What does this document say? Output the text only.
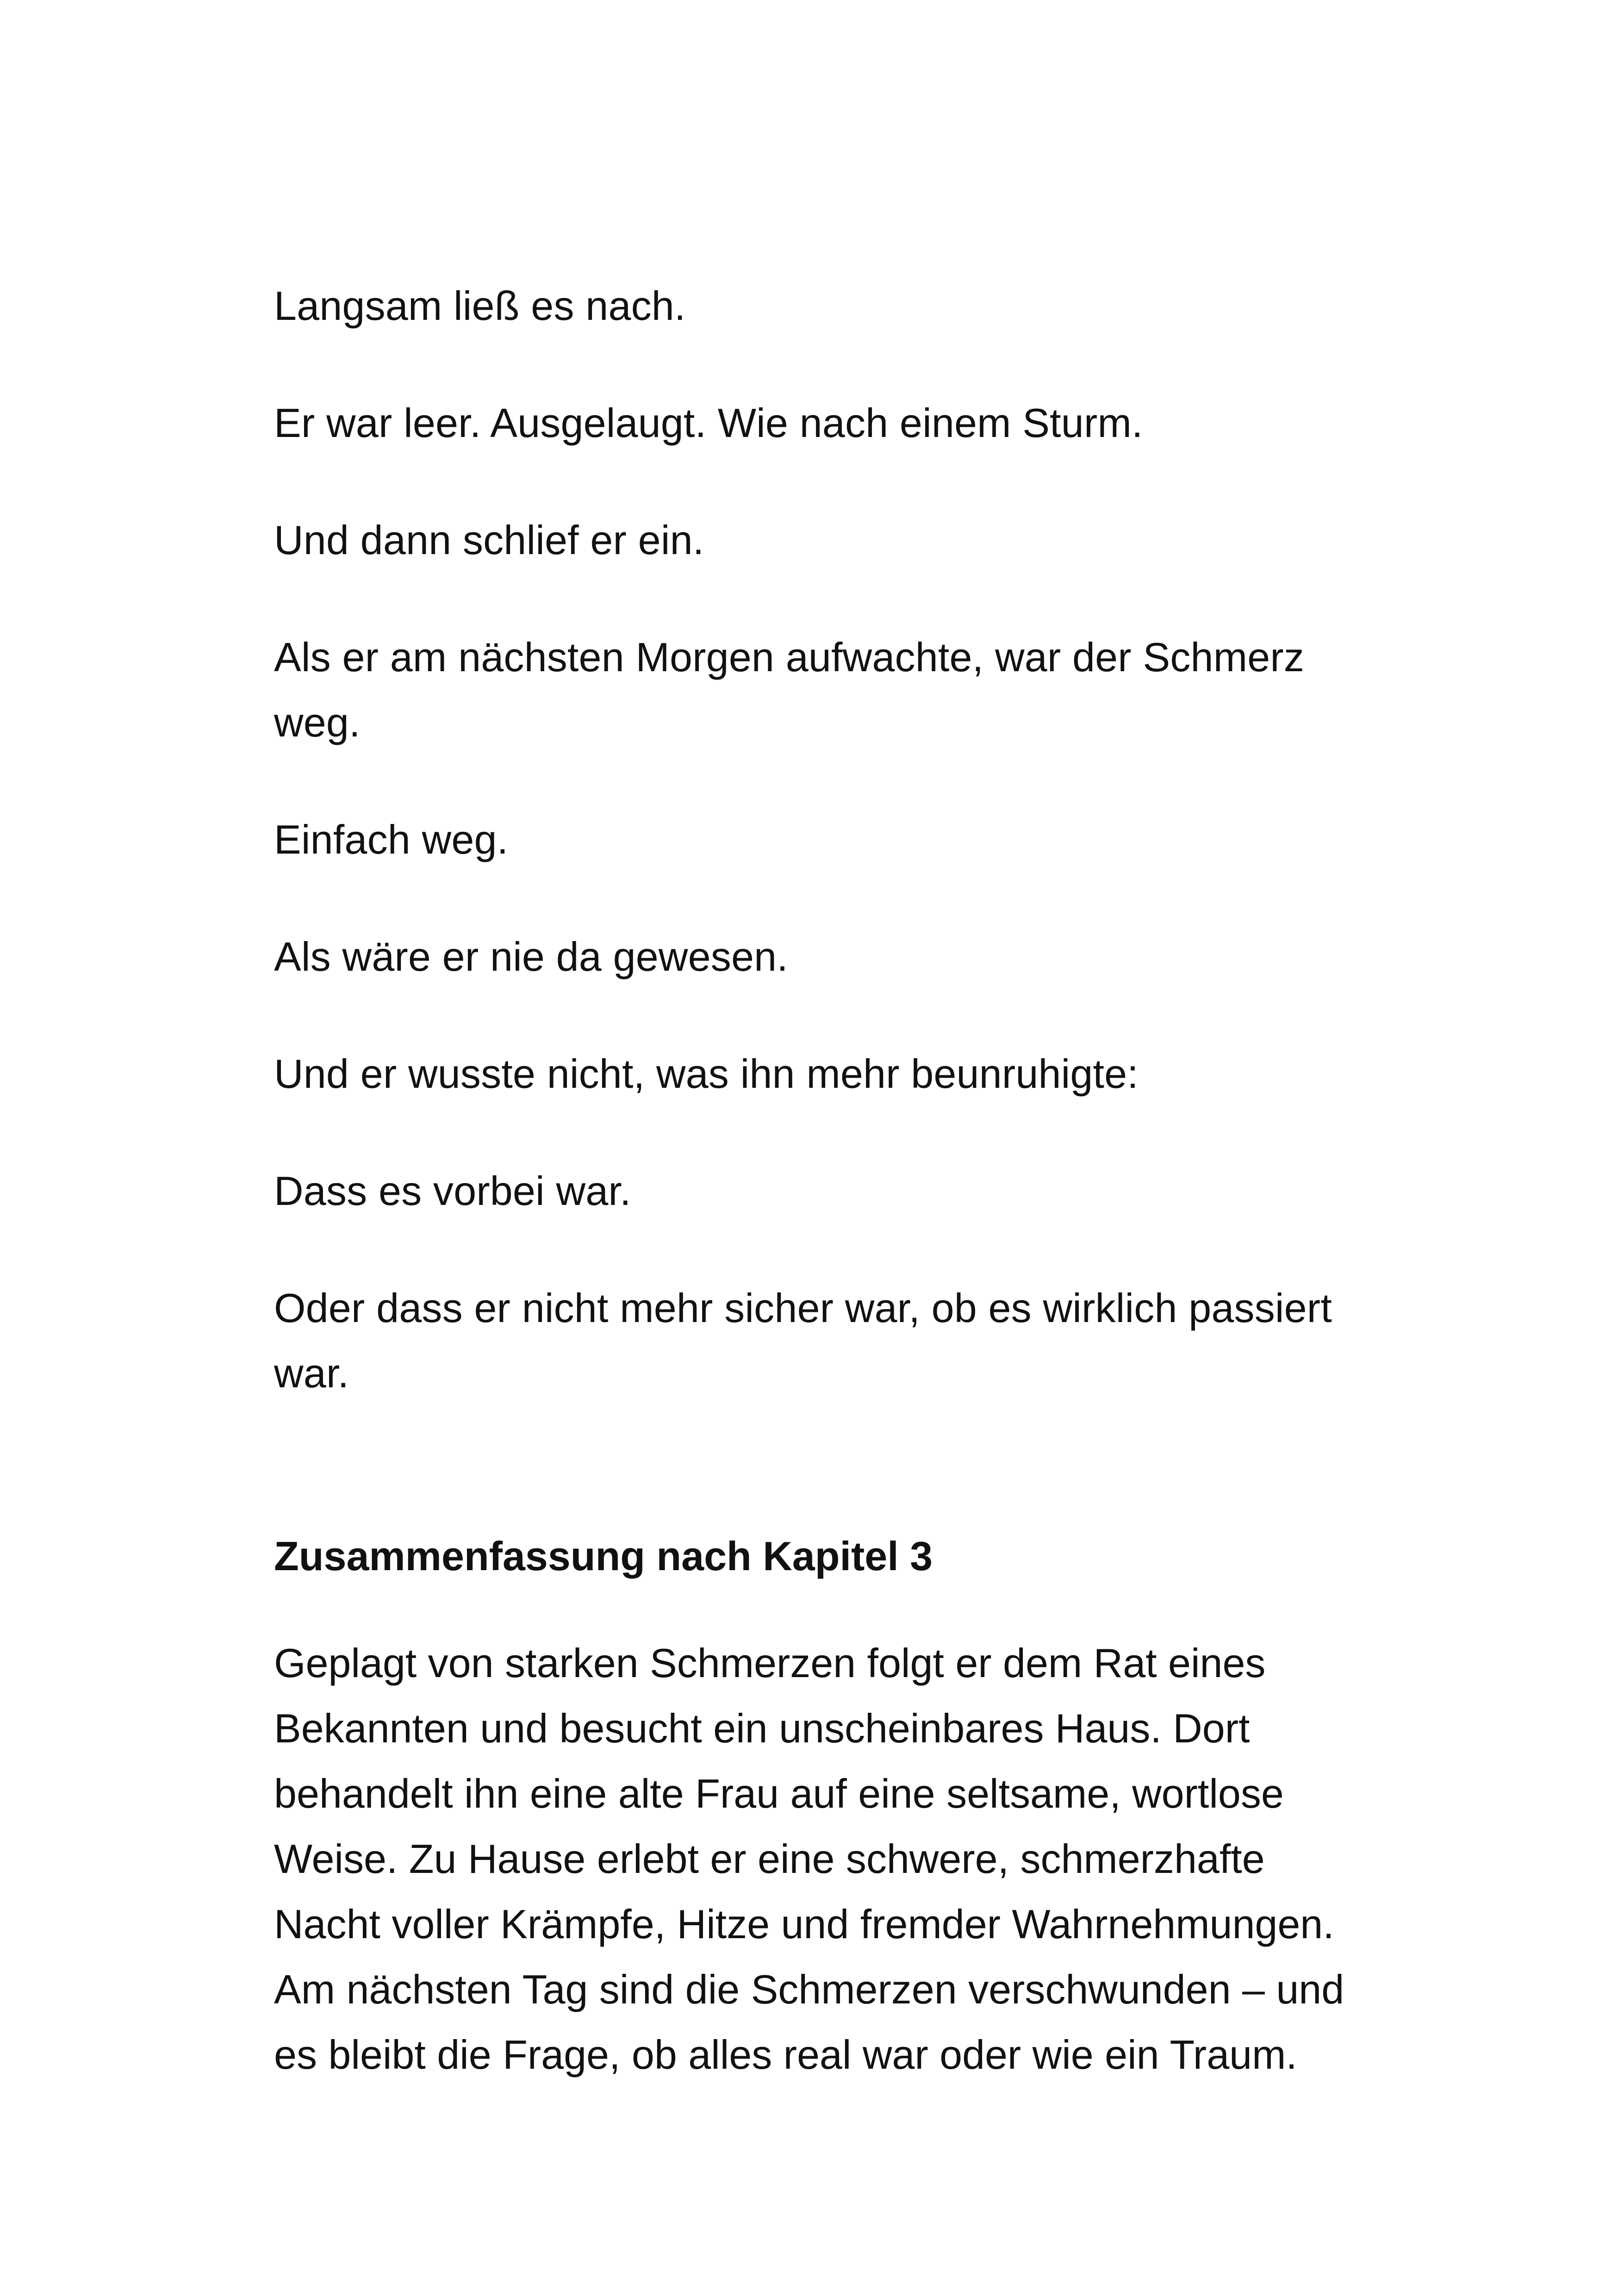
Langsam ließ es nach.

Er war leer. Ausgelaugt. Wie nach einem Sturm.

Und dann schlief er ein.

Als er am nächsten Morgen aufwachte, war der Schmerz weg.

Einfach weg.

Als wäre er nie da gewesen.

Und er wusste nicht, was ihn mehr beunruhigte:

Dass es vorbei war.

Oder dass er nicht mehr sicher war, ob es wirklich passiert war.

Zusammenfassung nach Kapitel 3

Geplagt von starken Schmerzen folgt er dem Rat eines Bekannten und besucht ein unscheinbares Haus. Dort behandelt ihn eine alte Frau auf eine seltsame, wortlose Weise. Zu Hause erlebt er eine schwere, schmerzhafte Nacht voller Krämpfe, Hitze und fremder Wahrnehmungen. Am nächsten Tag sind die Schmerzen verschwunden – und es bleibt die Frage, ob alles real war oder wie ein Traum.
